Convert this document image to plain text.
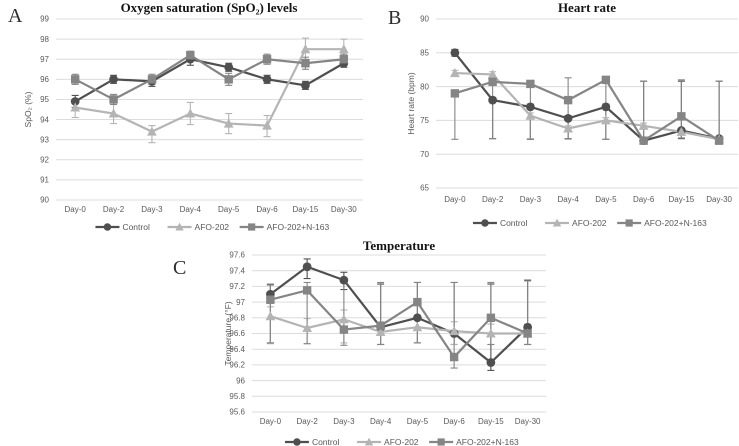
A 99
98
97
96
95
94
93
92
91
90
Day-0 Day-2 Day-3 Day-4 Day-5 Day-6 Day-15 Day-30
SpO₂ (%)
Oxygen saturation (SpO₂) levels
Control	AFO-202	AFO-202+N-163
B 90
85
80
75
70
65
Day-0 Day-2 Day-3 Day-4 Day-5 Day-6 Day-15 Day-30
Heart rate (bpm)
Heart rate
Control	AFO-202	AFO-202+N-163
C
97.6
97.4
97.2
97
96.8
96.6
96.4
96.2
96
95.8
95.6
Day-0 Day-2 Day-3 Day-4 Day-5 Day-6 Day-15 Day-30
Temperature (°F)
Temperature
Control	AFO-202	AFO-202+N-163
